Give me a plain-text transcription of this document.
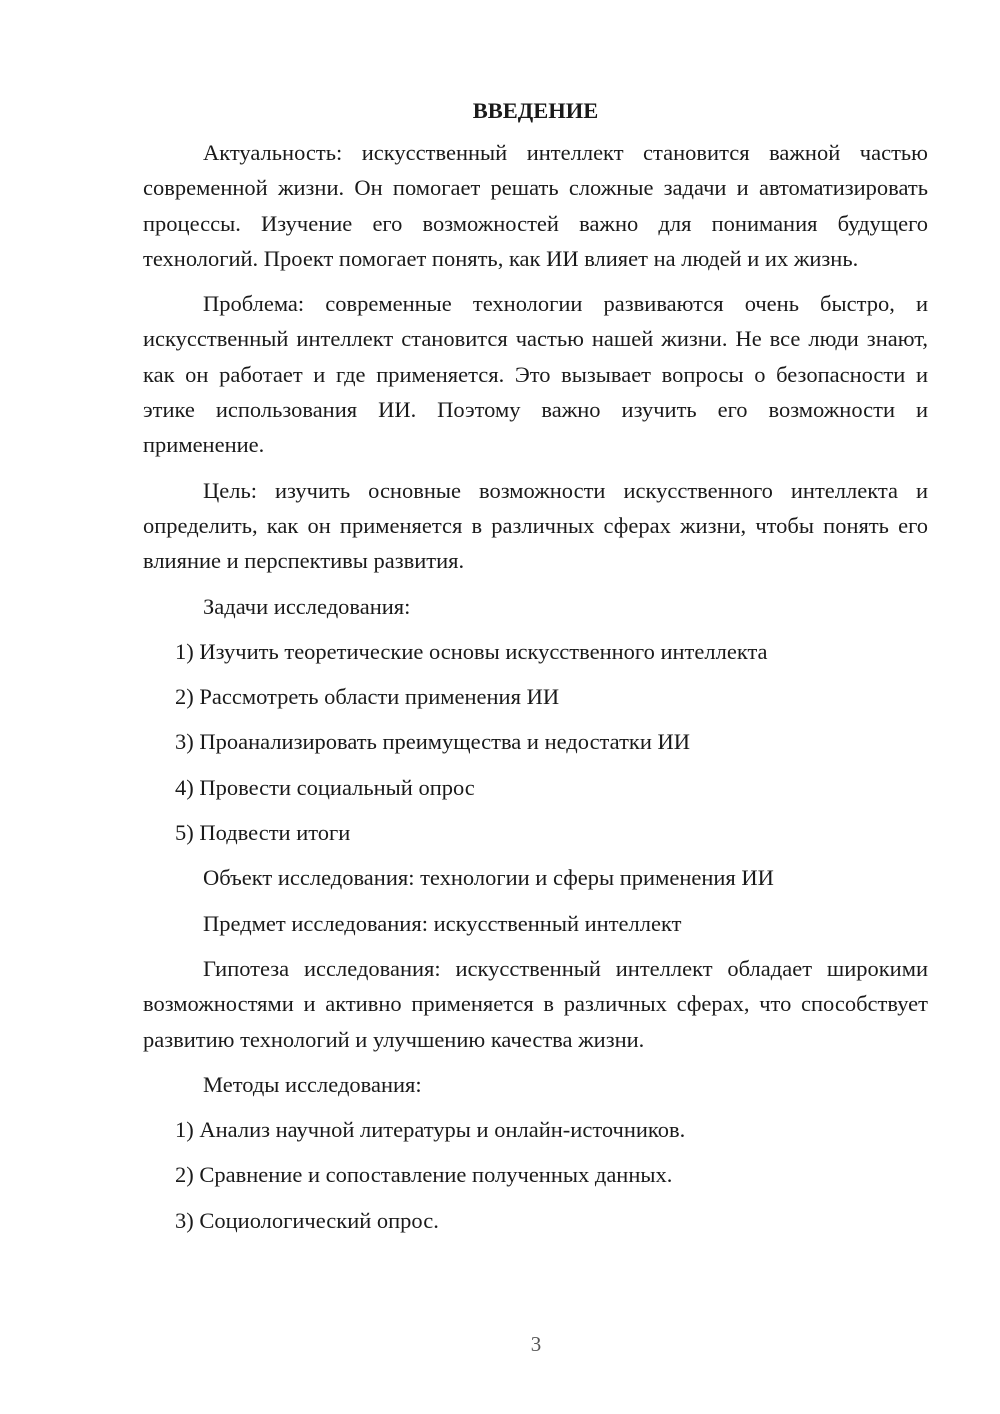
ВВЕДЕНИЕ

Актуальность: искусственный интеллект становится важной частью современной жизни. Он помогает решать сложные задачи и автоматизировать процессы. Изучение его возможностей важно для понимания будущего технологий. Проект помогает понять, как ИИ влияет на людей и их жизнь.

Проблема: современные технологии развиваются очень быстро, и искусственный интеллект становится частью нашей жизни. Не все люди знают, как он работает и где применяется. Это вызывает вопросы о безопасности и этике использования ИИ. Поэтому важно изучить его возможности и применение.

Цель: изучить основные возможности искусственного интеллекта и определить, как он применяется в различных сферах жизни, чтобы понять его влияние и перспективы развития.

Задачи исследования:

1) Изучить теоретические основы искусственного интеллекта
2) Рассмотреть области применения ИИ
3) Проанализировать преимущества и недостатки ИИ
4) Провести социальный опрос
5) Подвести итоги

Объект исследования: технологии и сферы применения ИИ

Предмет исследования: искусственный интеллект

Гипотеза исследования: искусственный интеллект обладает широкими возможностями и активно применяется в различных сферах, что способствует развитию технологий и улучшению качества жизни.

Методы исследования:

1) Анализ научной литературы и онлайн-источников.
2) Сравнение и сопоставление полученных данных.
3) Социологический опрос.
3
